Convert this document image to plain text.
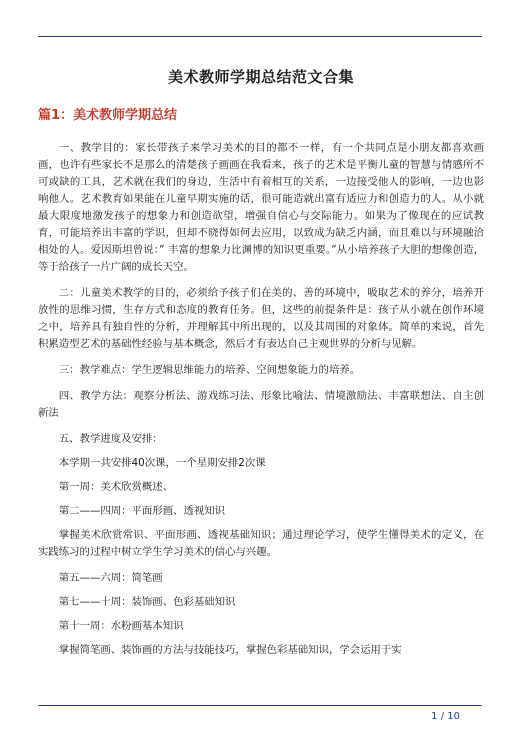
美术教师学期总结范文合集
篇1：美术教师学期总结

一、教学目的：家长带孩子来学习美术的目的都不一样，有一个共同点是小朋友都喜欢画画，也许有些家长不是那么的清楚孩子画画在我看来，孩子的艺术是平衡儿童的智慧与情感所不可或缺的工具，艺术就在我们的身边，生活中有着相互的关系，一边接受他人的影响，一边也影响他人。艺术教育如果能在儿童早期实施的话，很可能造就出富有适应力和创造力的人。从小就最大限度地激发孩子的想象力和创造欲望，增强自信心与交际能力。如果为了像现在的应试教育，可能培养出丰富的学识，但却不晓得如何去应用，以致成为缺乏内涵，而且难以与环境融洽相处的人。爱因斯坦曾说：” 丰富的想象力比渊博的知识更重要。”从小培养孩子大胆的想像创造，等于给孩子一片广阔的成长天空。

二：儿童美术教学的目的，必须给予孩子们在美的、善的环境中，吸取艺术的养分，培养开放性的思维习惯，生存方式和态度的教育任务。但，这些的前提条件是：孩子从小就在创作环境之中，培养具有独自性的分析，并理解其中所出现的，以及其周围的对象体。简单的来说，首先积累造型艺术的基础性经验与基本概念，然后才有表达自己主观世界的分析与见解。

三：教学难点：学生逻辑思维能力的培养、空间想象能力的培养。

四、教学方法：观察分析法、游戏练习法、形象比喻法、情境激励法、丰富联想法、自主创新法

五、教学进度及安排：

本学期一共安排40次课，一个星期安排2次课

第一周：美术欣赏概述、

第二——四周：平面形画、透视知识

掌握美术欣赏常识、平面形画、透视基础知识；通过理论学习，使学生懂得美术的定义，在实践练习的过程中树立学生学习美术的信心与兴趣。

第五——六周：简笔画

第七——十周：装饰画、色彩基础知识

第十一周：水粉画基本知识

掌握简笔画、装饰画的方法与技能技巧，掌握色彩基础知识，学会运用于实

1 / 10
